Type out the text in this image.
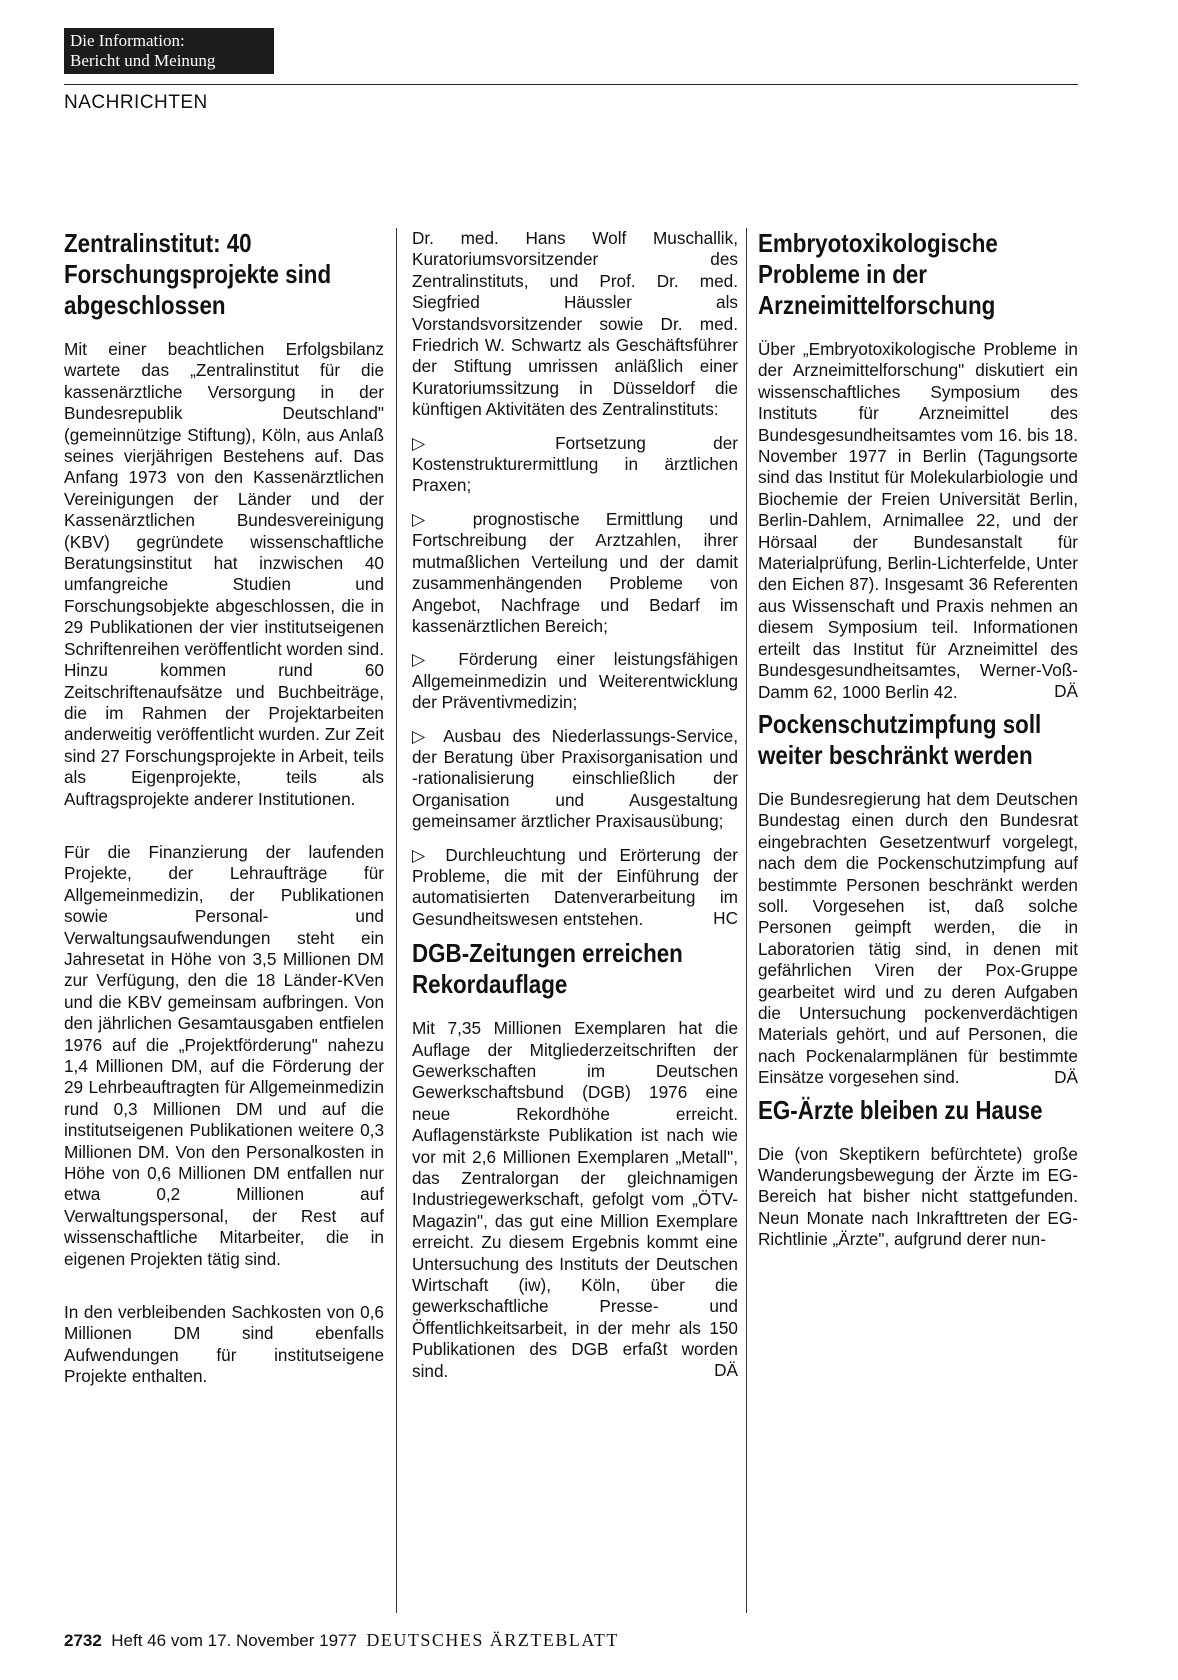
Die Information:
Bericht und Meinung
NACHRICHTEN
Zentralinstitut: 40 Forschungsprojekte sind abgeschlossen

Mit einer beachtlichen Erfolgsbilanz wartete das „Zentralinstitut für die kassenärztliche Versorgung in der Bundesrepublik Deutschland" (gemeinnützige Stiftung), Köln, aus Anlaß seines vierjährigen Bestehens auf. Das Anfang 1973 von den Kassenärztlichen Vereinigungen der Länder und der Kassenärztlichen Bundesvereinigung (KBV) gegründete wissenschaftliche Beratungsinstitut hat inzwischen 40 umfangreiche Studien und Forschungsobjekte abgeschlossen, die in 29 Publikationen der vier institutseigenen Schriftenreihen veröffentlicht worden sind. Hinzu kommen rund 60 Zeitschriftenaufsätze und Buchbeiträge, die im Rahmen der Projektarbeiten anderweitig veröffentlicht wurden. Zur Zeit sind 27 Forschungsprojekte in Arbeit, teils als Eigenprojekte, teils als Auftragsprojekte anderer Institutionen.

Für die Finanzierung der laufenden Projekte, der Lehraufträge für Allgemeinmedizin, der Publikationen sowie Personal- und Verwaltungsaufwendungen steht ein Jahresetat in Höhe von 3,5 Millionen DM zur Verfügung, den die 18 Länder-KVen und die KBV gemeinsam aufbringen. Von den jährlichen Gesamtausgaben entfielen 1976 auf die „Projektförderung" nahezu 1,4 Millionen DM, auf die Förderung der 29 Lehrbeauftragten für Allgemeinmedizin rund 0,3 Millionen DM und auf die institutseigenen Publikationen weitere 0,3 Millionen DM. Von den Personalkosten in Höhe von 0,6 Millionen DM entfallen nur etwa 0,2 Millionen auf Verwaltungspersonal, der Rest auf wissenschaftliche Mitarbeiter, die in eigenen Projekten tätig sind.

In den verbleibenden Sachkosten von 0,6 Millionen DM sind ebenfalls Aufwendungen für institutseigene Projekte enthalten.

Dr. med. Hans Wolf Muschallik, Kuratoriumsvorsitzender des Zentralinstituts, und Prof. Dr. med. Siegfried Häussler als Vorstandsvorsitzender sowie Dr. med. Friedrich W. Schwartz als Geschäftsführer der Stiftung umrissen anläßlich einer Kuratoriumssitzung in Düsseldorf die künftigen Aktivitäten des Zentralinstituts:

▷ Fortsetzung der Kostenstrukturermittlung in ärztlichen Praxen;

▷ prognostische Ermittlung und Fortschreibung der Arztzahlen, ihrer mutmaßlichen Verteilung und der damit zusammenhängenden Probleme von Angebot, Nachfrage und Bedarf im kassenärztlichen Bereich;

▷ Förderung einer leistungsfähigen Allgemeinmedizin und Weiterentwicklung der Präventivmedizin;

▷ Ausbau des Niederlassungs-Service, der Beratung über Praxisorganisation und -rationalisierung einschließlich der Organisation und Ausgestaltung gemeinsamer ärztlicher Praxisausübung;

▷ Durchleuchtung und Erörterung der Probleme, die mit der Einführung der automatisierten Datenverarbeitung im Gesundheitswesen entstehen.	HC

DGB-Zeitungen erreichen Rekordauflage

Mit 7,35 Millionen Exemplaren hat die Auflage der Mitgliederzeitschriften der Gewerkschaften im Deutschen Gewerkschaftsbund (DGB) 1976 eine neue Rekordhöhe erreicht. Auflagenstärkste Publikation ist nach wie vor mit 2,6 Millionen Exemplaren „Metall", das Zentralorgan der gleichnamigen Industriegewerkschaft, gefolgt vom „ÖTV-Magazin", das gut eine Million Exemplare erreicht. Zu diesem Ergebnis kommt eine Untersuchung des Instituts der Deutschen Wirtschaft (iw), Köln, über die gewerkschaftliche Presse- und Öffentlichkeitsarbeit, in der mehr als 150 Publikationen des DGB erfaßt worden sind.	DÄ

Embryotoxikologische Probleme in der Arzneimittelforschung

Über „Embryotoxikologische Probleme in der Arzneimittelforschung" diskutiert ein wissenschaftliches Symposium des Instituts für Arzneimittel des Bundesgesundheitsamtes vom 16. bis 18. November 1977 in Berlin (Tagungsorte sind das Institut für Molekularbiologie und Biochemie der Freien Universität Berlin, Berlin-Dahlem, Arnimallee 22, und der Hörsaal der Bundesanstalt für Materialprüfung, Berlin-Lichterfelde, Unter den Eichen 87). Insgesamt 36 Referenten aus Wissenschaft und Praxis nehmen an diesem Symposium teil. Informationen erteilt das Institut für Arzneimittel des Bundesgesundheitsamtes, Werner-Voß-Damm 62, 1000 Berlin 42.	DÄ

Pockenschutzimpfung soll weiter beschränkt werden

Die Bundesregierung hat dem Deutschen Bundestag einen durch den Bundesrat eingebrachten Gesetzentwurf vorgelegt, nach dem die Pockenschutzimpfung auf bestimmte Personen beschränkt werden soll. Vorgesehen ist, daß solche Personen geimpft werden, die in Laboratorien tätig sind, in denen mit gefährlichen Viren der Pox-Gruppe gearbeitet wird und zu deren Aufgaben die Untersuchung pockenverdächtigen Materials gehört, und auf Personen, die nach Pockenalarmplänen für bestimmte Einsätze vorgesehen sind.	DÄ

EG-Ärzte bleiben zu Hause

Die (von Skeptikern befürchtete) große Wanderungsbewegung der Ärzte im EG-Bereich hat bisher nicht stattgefunden. Neun Monate nach Inkrafttreten der EG-Richtlinie „Ärzte", aufgrund derer nun-

2732 Heft 46 vom 17. November 1977 DEUTSCHES ÄRZTEBLATT
